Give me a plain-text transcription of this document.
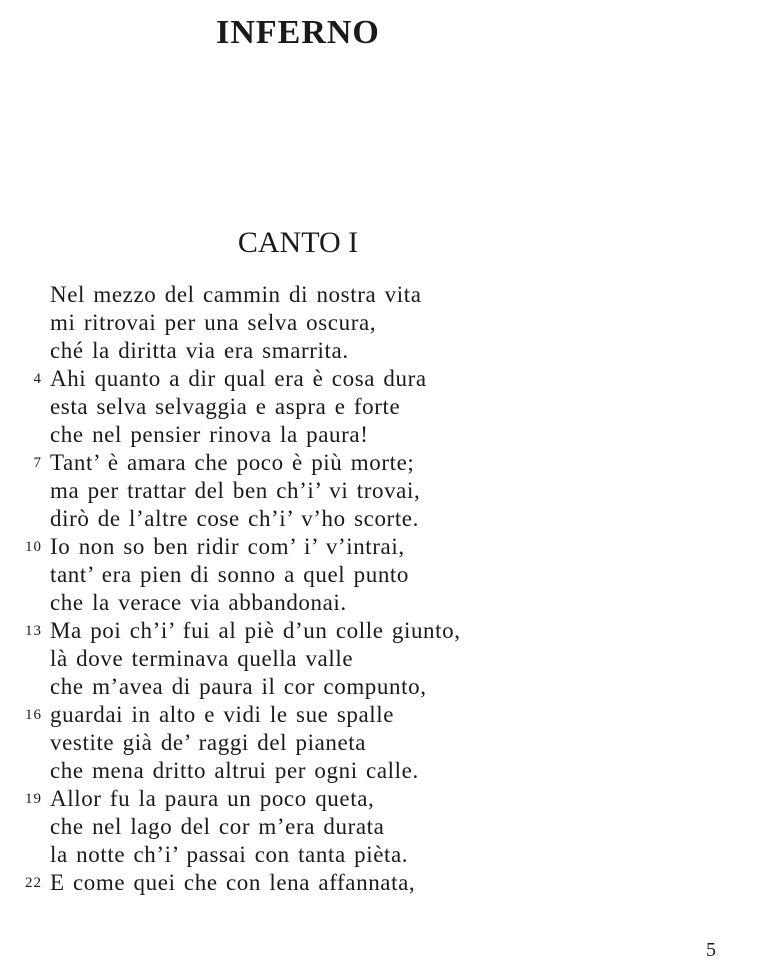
INFERNO
CANTO I
Nel mezzo del cammin di nostra vita
mi ritrovai per una selva oscura,
ché la diritta via era smarrita.
4 Ahi quanto a dir qual era è cosa dura
esta selva selvaggia e aspra e forte
che nel pensier rinova la paura!
7 Tant’ è amara che poco è più morte;
ma per trattar del ben ch’i’ vi trovai,
dirò de l’altre cose ch’i’ v’ho scorte.
10 Io non so ben ridir com’ i’ v’intrai,
tant’ era pien di sonno a quel punto
che la verace via abbandonai.
13 Ma poi ch’i’ fui al piè d’un colle giunto,
là dove terminava quella valle
che m’avea di paura il cor compunto,
16 guardai in alto e vidi le sue spalle
vestite già de’ raggi del pianeta
che mena dritto altrui per ogni calle.
19 Allor fu la paura un poco queta,
che nel lago del cor m’era durata
la notte ch’i’ passai con tanta pièta.
22 E come quei che con lena affannata,
5
